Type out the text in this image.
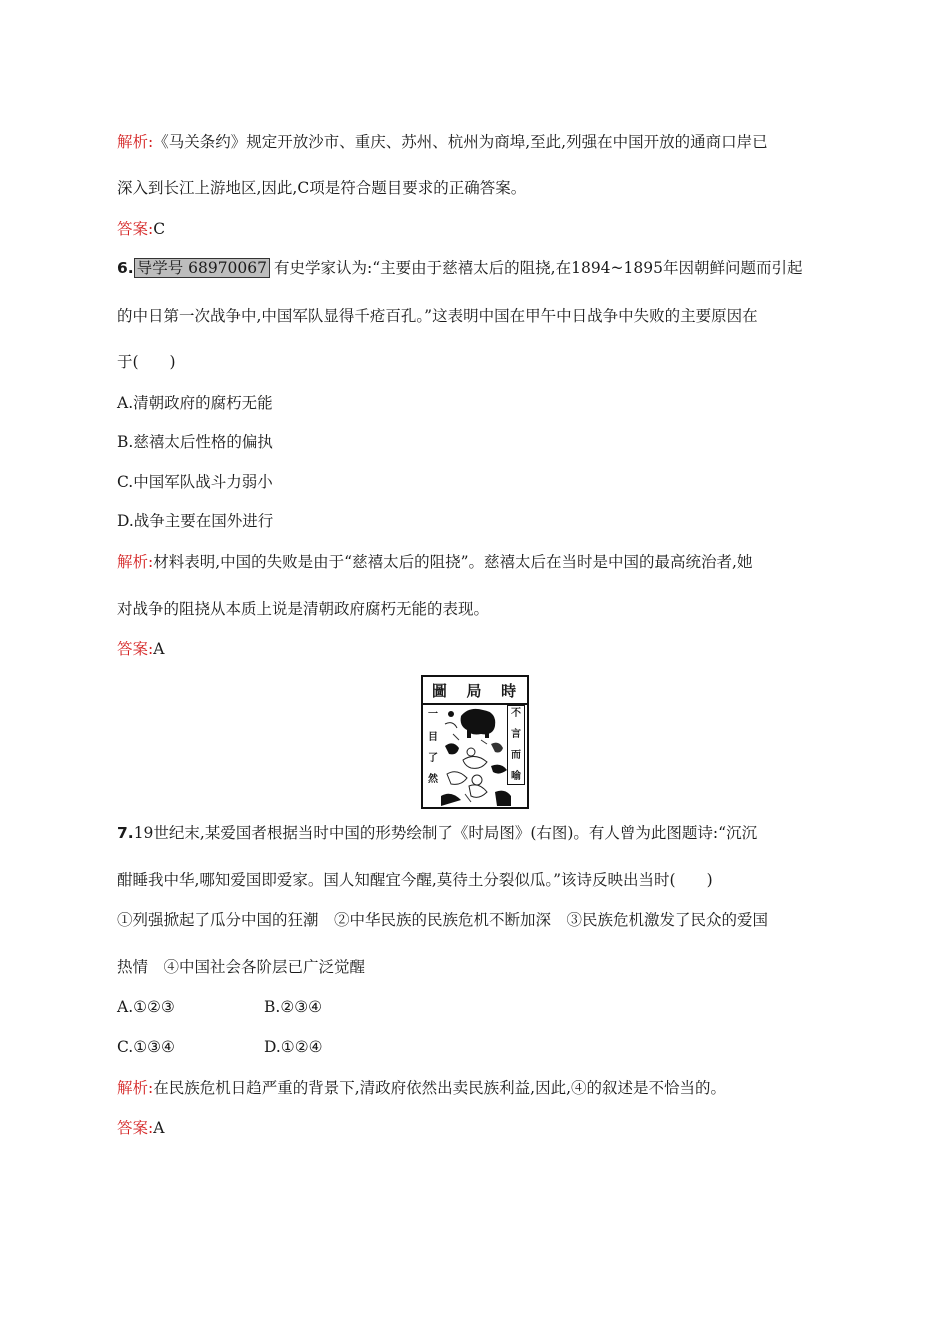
解析:《马关条约》规定开放沙市、重庆、苏州、杭州为商埠,至此,列强在中国开放的通商口岸已
深入到长江上游地区,因此,C项是符合题目要求的正确答案。
答案:C
6. 导学号 68970067 有史学家认为:“主要由于慈禧太后的阻挠,在1894~1895年因朝鲜问题而引起
的中日第一次战争中,中国军队显得千疮百孔。”这表明中国在甲午中日战争中失败的主要原因在
于(　　)
A.清朝政府的腐朽无能
B.慈禧太后性格的偏执
C.中国军队战斗力弱小
D.战争主要在国外进行
解析:材料表明,中国的失败是由于“慈禧太后的阻挠”。慈禧太后在当时是中国的最高统治者,她
对战争的阻挠从本质上说是清朝政府腐朽无能的表现。
答案:A
圖 局 時
一
目
了
然
不
言
而
喻
7.19世纪末,某爱国者根据当时中国的形势绘制了《时局图》(右图)。有人曾为此图题诗:“沉沉
酣睡我中华,哪知爱国即爱家。国人知醒宜今醒,莫待土分裂似瓜。”该诗反映出当时(　　)
①列强掀起了瓜分中国的狂潮　②中华民族的民族危机不断加深　③民族危机激发了民众的爱国
热情　④中国社会各阶层已广泛觉醒
A.①②③	B.②③④
C.①③④	D.①②④
解析:在民族危机日趋严重的背景下,清政府依然出卖民族利益,因此,④的叙述是不恰当的。
答案:A
